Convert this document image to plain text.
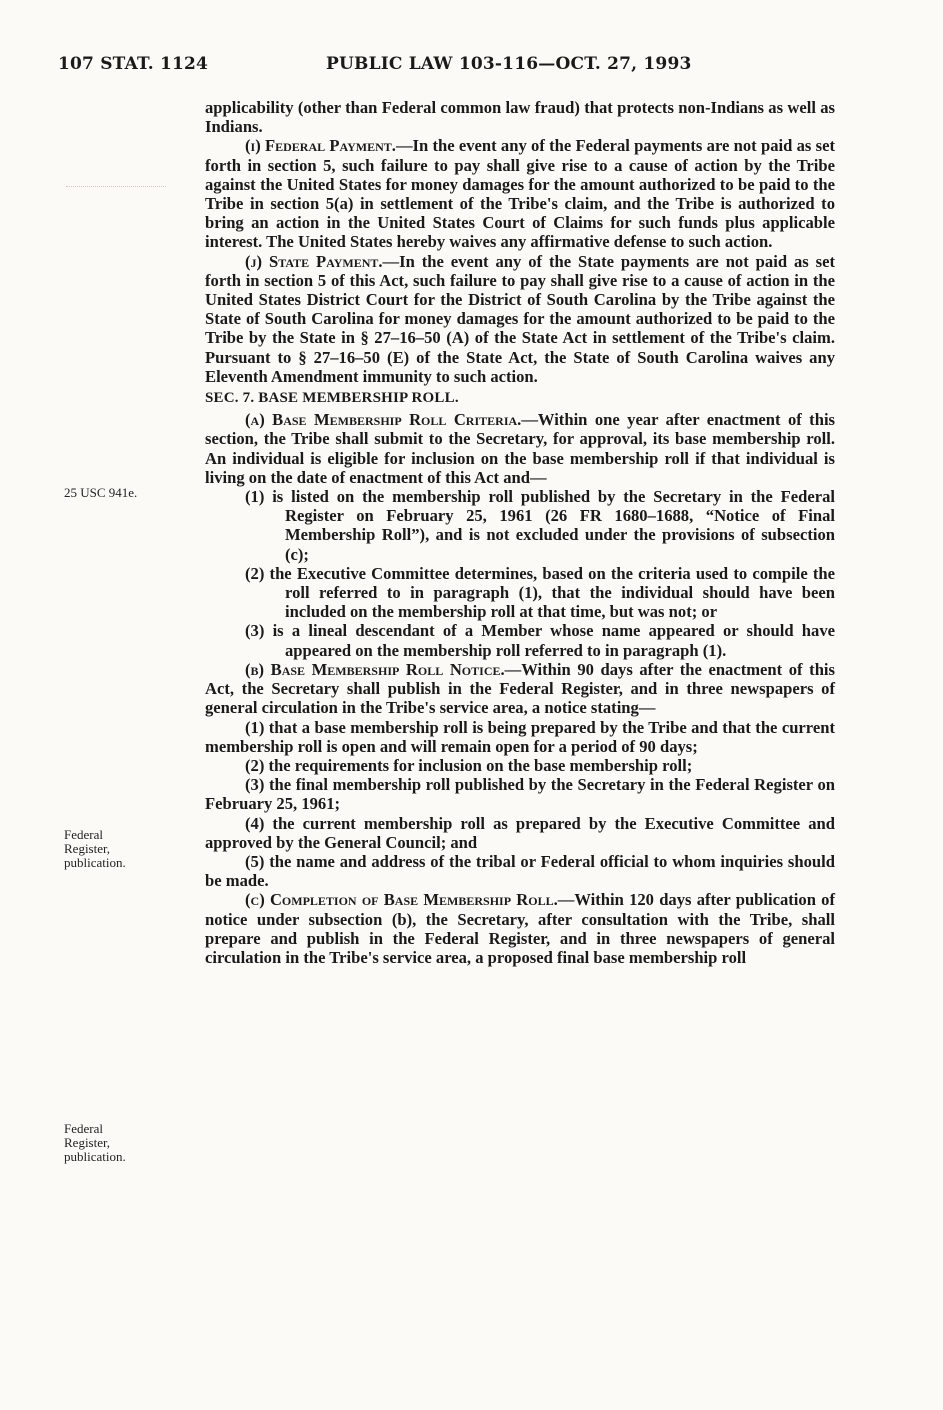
107 STAT. 1124	PUBLIC LAW 103-116—OCT. 27, 1993
25 USC 941e.
Federal
Register,
publication.
Federal
Register,
publication.

applicability (other than Federal common law fraud) that protects non-Indians as well as Indians.

(i) Federal Payment.—In the event any of the Federal payments are not paid as set forth in section 5, such failure to pay shall give rise to a cause of action by the Tribe against the United States for money damages for the amount authorized to be paid to the Tribe in section 5(a) in settlement of the Tribe's claim, and the Tribe is authorized to bring an action in the United States Court of Claims for such funds plus applicable interest. The United States hereby waives any affirmative defense to such action.

(j) State Payment.—In the event any of the State payments are not paid as set forth in section 5 of this Act, such failure to pay shall give rise to a cause of action in the United States District Court for the District of South Carolina by the Tribe against the State of South Carolina for money damages for the amount authorized to be paid to the Tribe by the State in § 27–16–50 (A) of the State Act in settlement of the Tribe's claim. Pursuant to § 27–16–50 (E) of the State Act, the State of South Carolina waives any Eleventh Amendment immunity to such action.

SEC. 7. BASE MEMBERSHIP ROLL.

(a) Base Membership Roll Criteria.—Within one year after enactment of this section, the Tribe shall submit to the Secretary, for approval, its base membership roll. An individual is eligible for inclusion on the base membership roll if that individual is living on the date of enactment of this Act and—

(1) is listed on the membership roll published by the Secretary in the Federal Register on February 25, 1961 (26 FR 1680–1688, “Notice of Final Membership Roll”), and is not excluded under the provisions of subsection (c);

(2) the Executive Committee determines, based on the criteria used to compile the roll referred to in paragraph (1), that the individual should have been included on the membership roll at that time, but was not; or

(3) is a lineal descendant of a Member whose name appeared or should have appeared on the membership roll referred to in paragraph (1).

(b) Base Membership Roll Notice.—Within 90 days after the enactment of this Act, the Secretary shall publish in the Federal Register, and in three newspapers of general circulation in the Tribe's service area, a notice stating—

(1) that a base membership roll is being prepared by the Tribe and that the current membership roll is open and will remain open for a period of 90 days;

(2) the requirements for inclusion on the base membership roll;

(3) the final membership roll published by the Secretary in the Federal Register on February 25, 1961;

(4) the current membership roll as prepared by the Executive Committee and approved by the General Council; and

(5) the name and address of the tribal or Federal official to whom inquiries should be made.

(c) Completion of Base Membership Roll.—Within 120 days after publication of notice under subsection (b), the Secretary, after consultation with the Tribe, shall prepare and publish in the Federal Register, and in three newspapers of general circulation in the Tribe's service area, a proposed final base membership roll
